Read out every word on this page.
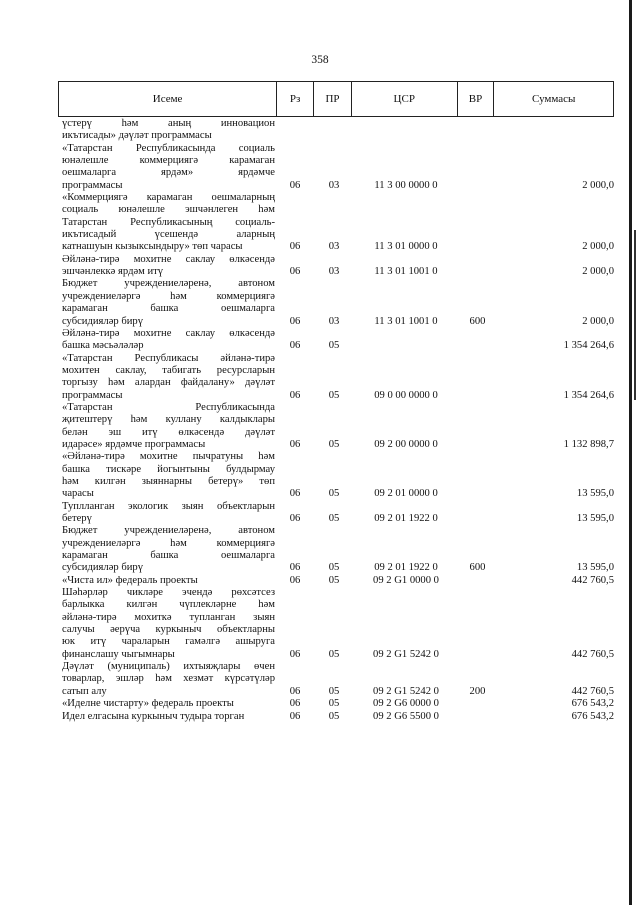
358
Исеме	Рз	ПР	ЦСР	ВР	Суммасы
үстерү һәм аның инновацион
икътисады» дәүләт программасы
«Татарстан Республикасында социаль
юнәлешле коммерциягә карамаган
оешмаларга ярдәм» ярдәмче
программасы	06	03	11 3 00 0000 0	2 000,0
«Коммерциягә карамаган оешмаларның
социаль юнәлешле эшчәнлеген һәм
Татарстан Республикасының социаль-
икътисадый үсешендә аларның
катнашуын кызыксындыру» төп чарасы	06	03	11 3 01 0000 0	2 000,0
Әйләнә-тирә мохитне саклау өлкәсендә
эшчәнлеккә ярдәм итү	06	03	11 3 01 1001 0	2 000,0
Бюджет учреждениеләренә, автоном
учреждениеләргә һәм коммерциягә
карамаган башка оешмаларга
субсидияләр бирү	06	03	11 3 01 1001 0	600	2 000,0
Әйләнә-тирә мохитне саклау өлкәсендә
башка мәсьәләләр	06	05	1 354 264,6
«Татарстан Республикасы әйләнә-тирә
мохитен саклау, табигать ресурсларын
торгызу һәм алардан файдалану» дәүләт
программасы	06	05	09 0 00 0000 0	1 354 264,6
«Татарстан Республикасында
җитештерү һәм куллану калдыклары
белән эш итү өлкәсендә дәүләт
идарәсе» ярдәмче программасы	06	05	09 2 00 0000 0	1 132 898,7
«Әйләнә-тирә мохитне пычратуны һәм
башка тискәре йогынтыны булдырмау
һәм килгән зыяннарны бетерү» төп
чарасы	06	05	09 2 01 0000 0	13 595,0
Туплланган экологик зыян объектларын
бетерү	06	05	09 2 01 1922 0	13 595,0
Бюджет учреждениеләренә, автоном
учреждениеләргә һәм коммерциягә
карамаган башка оешмаларга
субсидияләр бирү	06	05	09 2 01 1922 0	600	13 595,0
«Чиста ил» федераль проекты	06	05	09 2 G1 0000 0	442 760,5
Шәһәрләр чикләре эчендә рөхсәтсез
барлыкка килгән чүплекләрне һәм
әйләнә-тирә мохиткә тупланган зыян
салучы әерүча куркыныч объектларны
юк итү чараларын гамәлгә ашыруга
финанслашу чыгымнары	06	05	09 2 G1 5242 0	442 760,5
Дәүләт (муниципаль) ихтыяҗлары өчен
товарлар, эшләр һәм хезмәт күрсәтүләр
сатып алу	06	05	09 2 G1 5242 0	200	442 760,5
«Иделне чистарту» федераль проекты	06	05	09 2 G6 0000 0	676 543,2
Идел елгасына куркыныч тудыра торган	06	05	09 2 G6 5500 0	676 543,2
